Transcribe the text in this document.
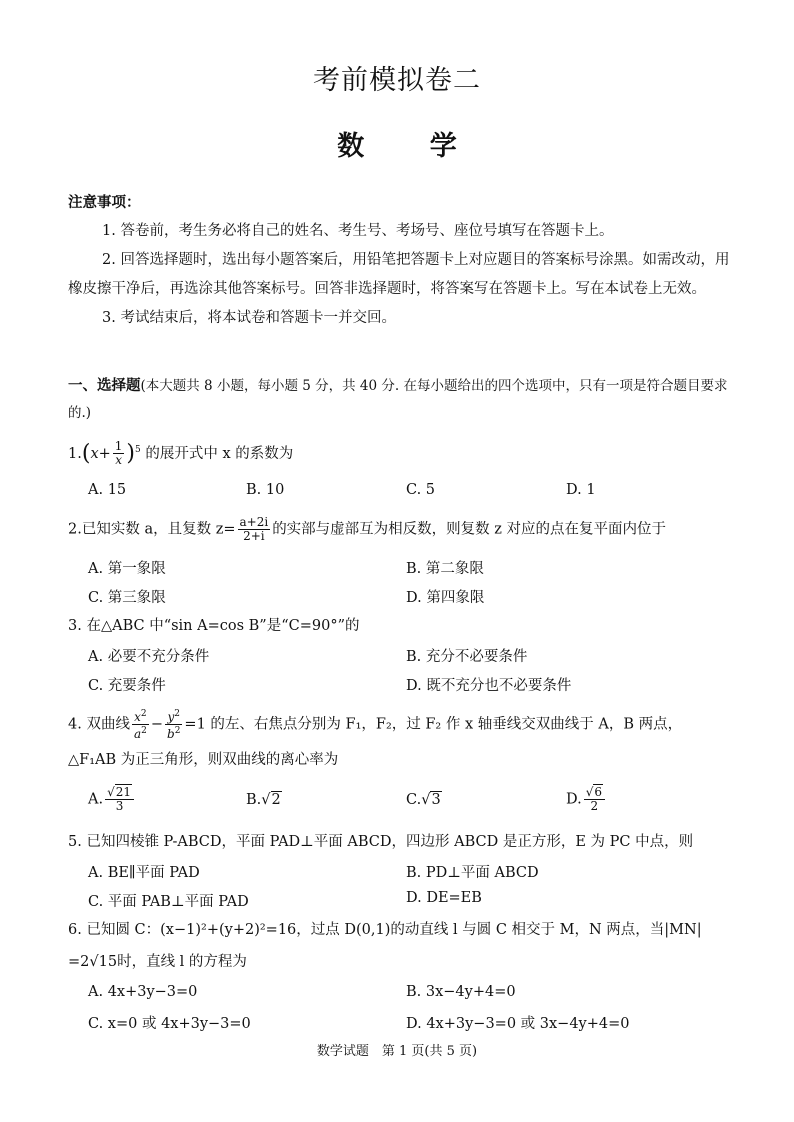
考前模拟卷二
数 学
注意事项：
1. 答卷前，考生务必将自己的姓名、考生号、考场号、座位号填写在答题卡上。
2. 回答选择题时，选出每小题答案后，用铅笔把答题卡上对应题目的答案标号涂黑。如需改动，用橡皮擦干净后，再选涂其他答案标号。回答非选择题时，将答案写在答题卡上。写在本试卷上无效。
3. 考试结束后，将本试卷和答题卡一并交回。
一、选择题(本大题共 8 小题，每小题 5 分，共 40 分. 在每小题给出的四个选项中，只有一项是符合题目要求的.)
$1.(x+ \frac{1}{x} )^5$ 的展开式中 x 的系数为
A. 15	B. 10	C. 5	D. 1
2.已知实数 a，且复数 $z= \frac{a+2i}{2+i}$ 的实部与虚部互为相反数，则复数 z 对应的点在复平面内位于
A. 第一象限	B. 第二象限
C. 第三象限	D. 第四象限
3. 在△ABC 中“sin A=cos B”是“C=90°”的
A. 必要不充分条件	B. 充分不必要条件
C. 充要条件	D. 既不充分也不必要条件
4. 双曲线 $\frac{x^2}{a^2} - \frac{y^2}{b^2} =1$ 的左、右焦点分别为 F₁，F₂，过 F₂ 作 x 轴垂线交双曲线于 A，B 两点，
△F₁AB 为正三角形，则双曲线的离心率为
A. $\frac{√21}{3}$	B.√2	C.√3	D. $\frac{√6}{2}$
5. 已知四棱锥 P-ABCD，平面 PAD⊥平面 ABCD，四边形 ABCD 是正方形，E 为 PC 中点，则
A. BE∥平面 PAD	B. PD⊥平面 ABCD
C. 平面 PAB⊥平面 PAD	D. DE=EB
6. 已知圆 C：(x−1)²+(y+2)²=16，过点 D(0,1)的动直线 l 与圆 C 相交于 M，N 两点，当|MN|
=2√15时，直线 l 的方程为
A. 4x+3y−3=0	B. 3x−4y+4=0
C. x=0 或 4x+3y−3=0	D. 4x+3y−3=0 或 3x−4y+4=0
数学试题　第 1 页(共 5 页)
